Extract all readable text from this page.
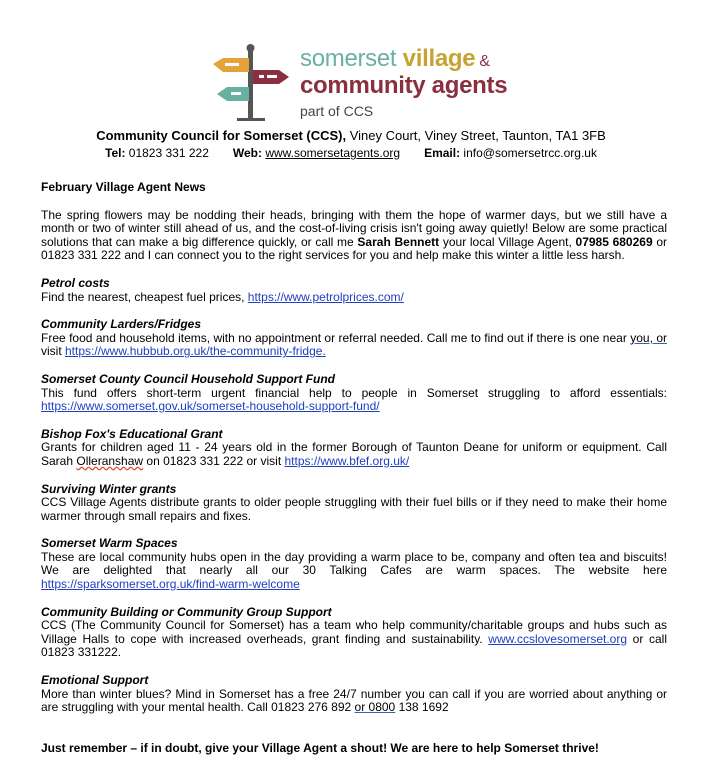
somerset village &
community agents
part of CCS
Community Council for Somerset (CCS), Viney Court, Viney Street, Taunton, TA1 3FB
Tel: 01823 331 222 Web: www.somersetagents.org Email: info@somersetrcc.org.uk
February Village Agent News

The spring flowers may be nodding their heads, bringing with them the hope of warmer days, but we still have a month or two of winter still ahead of us, and the cost-of-living crisis isn't going away quietly! Below are some practical solutions that can make a big difference quickly, or call me Sarah Bennett your local Village Agent, 07985 680269 or 01823 331 222 and I can connect you to the right services for you and help make this winter a little less harsh.

Petrol costs

Find the nearest, cheapest fuel prices, https://www.petrolprices.com/

Community Larders/Fridges

Free food and household items, with no appointment or referral needed. Call me to find out if there is one near you, or visit https://www.hubbub.org.uk/the-community-fridge.

Somerset County Council Household Support Fund

This fund offers short-term urgent financial help to people in Somerset struggling to afford essentials: https://www.somerset.gov.uk/somerset-household-support-fund/

Bishop Fox's Educational Grant

Grants for children aged 11 - 24 years old in the former Borough of Taunton Deane for uniform or equipment. Call Sarah Olleranshaw on 01823 331 222 or visit https://www.bfef.org.uk/

Surviving Winter grants

CCS Village Agents distribute grants to older people struggling with their fuel bills or if they need to make their home warmer through small repairs and fixes.

Somerset Warm Spaces

These are local community hubs open in the day providing a warm place to be, company and often tea and biscuits! We are delighted that nearly all our 30 Talking Cafes are warm spaces. The website here https://sparksomerset.org.uk/find-warm-welcome

Community Building or Community Group Support

CCS (The Community Council for Somerset) has a team who help community/charitable groups and hubs such as Village Halls to cope with increased overheads, grant finding and sustainability. www.ccslovesomerset.org or call 01823 331222.

Emotional Support

More than winter blues? Mind in Somerset has a free 24/7 number you can call if you are worried about anything or are struggling with your mental health. Call 01823 276 892 or 0800 138 1692

Just remember – if in doubt, give your Village Agent a shout! We are here to help Somerset thrive!
